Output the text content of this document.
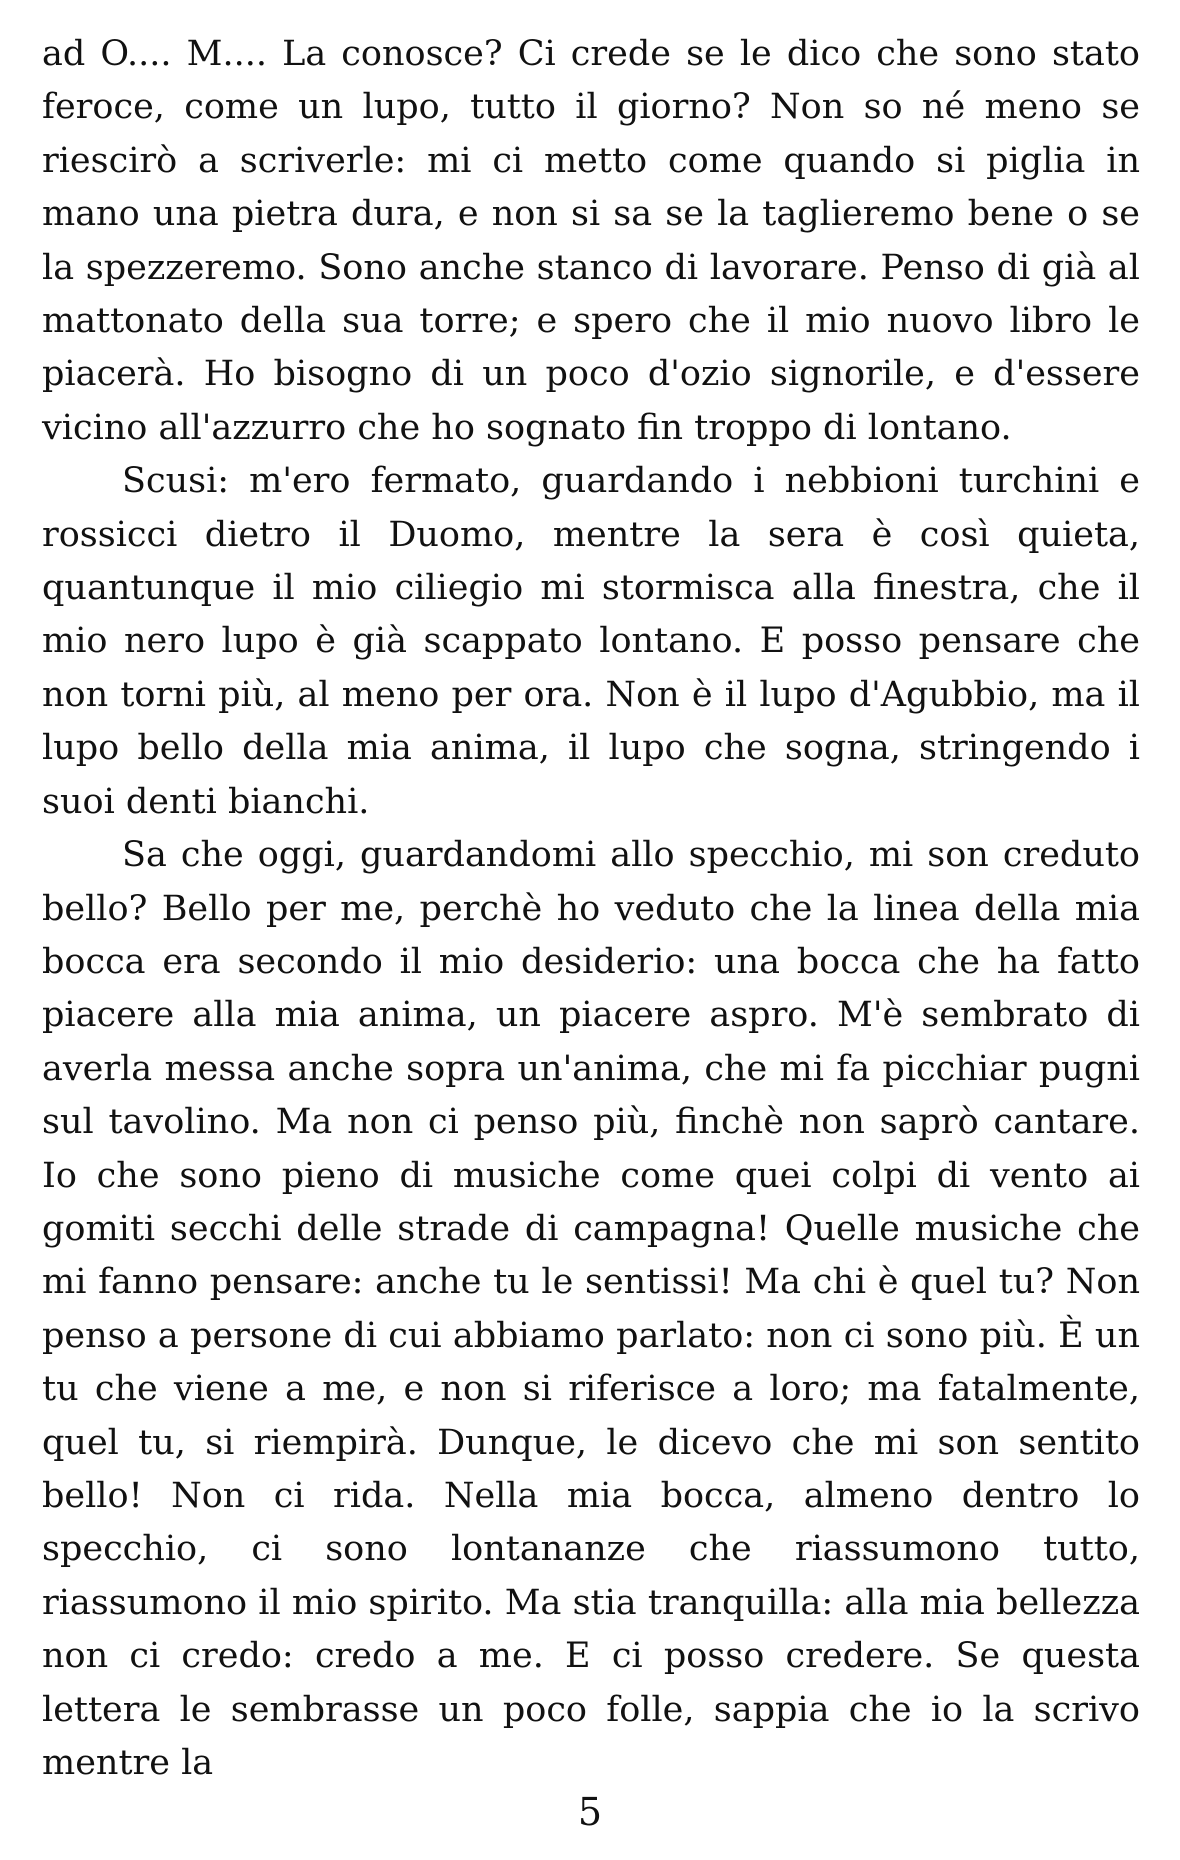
ad O.... M.... La conosce? Ci crede se le dico che sono stato feroce, come un lupo, tutto il giorno? Non so né meno se riescirò a scriverle: mi ci metto come quando si piglia in mano una pietra dura, e non si sa se la taglieremo bene o se la spezzeremo. Sono anche stanco di lavorare. Penso di già al mattonato della sua torre; e spero che il mio nuovo libro le piacerà. Ho bisogno di un poco d'ozio signorile, e d'essere vicino all'azzurro che ho sognato fin troppo di lontano.

Scusi: m'ero fermato, guardando i nebbioni turchini e rossicci dietro il Duomo, mentre la sera è così quieta, quantunque il mio ciliegio mi stormisca alla finestra, che il mio nero lupo è già scappato lontano. E posso pensare che non torni più, al meno per ora. Non è il lupo d'Agubbio, ma il lupo bello della mia anima, il lupo che sogna, stringendo i suoi denti bianchi.

Sa che oggi, guardandomi allo specchio, mi son creduto bello? Bello per me, perchè ho veduto che la linea della mia bocca era secondo il mio desiderio: una bocca che ha fatto piacere alla mia anima, un piacere aspro. M'è sembrato di averla messa anche sopra un'anima, che mi fa picchiar pugni sul tavolino. Ma non ci penso più, finchè non saprò cantare. Io che sono pieno di musiche come quei colpi di vento ai gomiti secchi delle strade di campagna! Quelle musiche che mi fanno pensare: anche tu le sentissi! Ma chi è quel tu? Non penso a persone di cui abbiamo parlato: non ci sono più. È un tu che viene a me, e non si riferisce a loro; ma fatalmente, quel tu, si riempirà. Dunque, le dicevo che mi son sentito bello! Non ci rida. Nella mia bocca, almeno dentro lo specchio, ci sono lontananze che riassumono tutto, riassumono il mio spirito. Ma stia tranquilla: alla mia bellezza non ci credo: credo a me. E ci posso credere. Se questa lettera le sembrasse un poco folle, sappia che io la scrivo mentre la

5
